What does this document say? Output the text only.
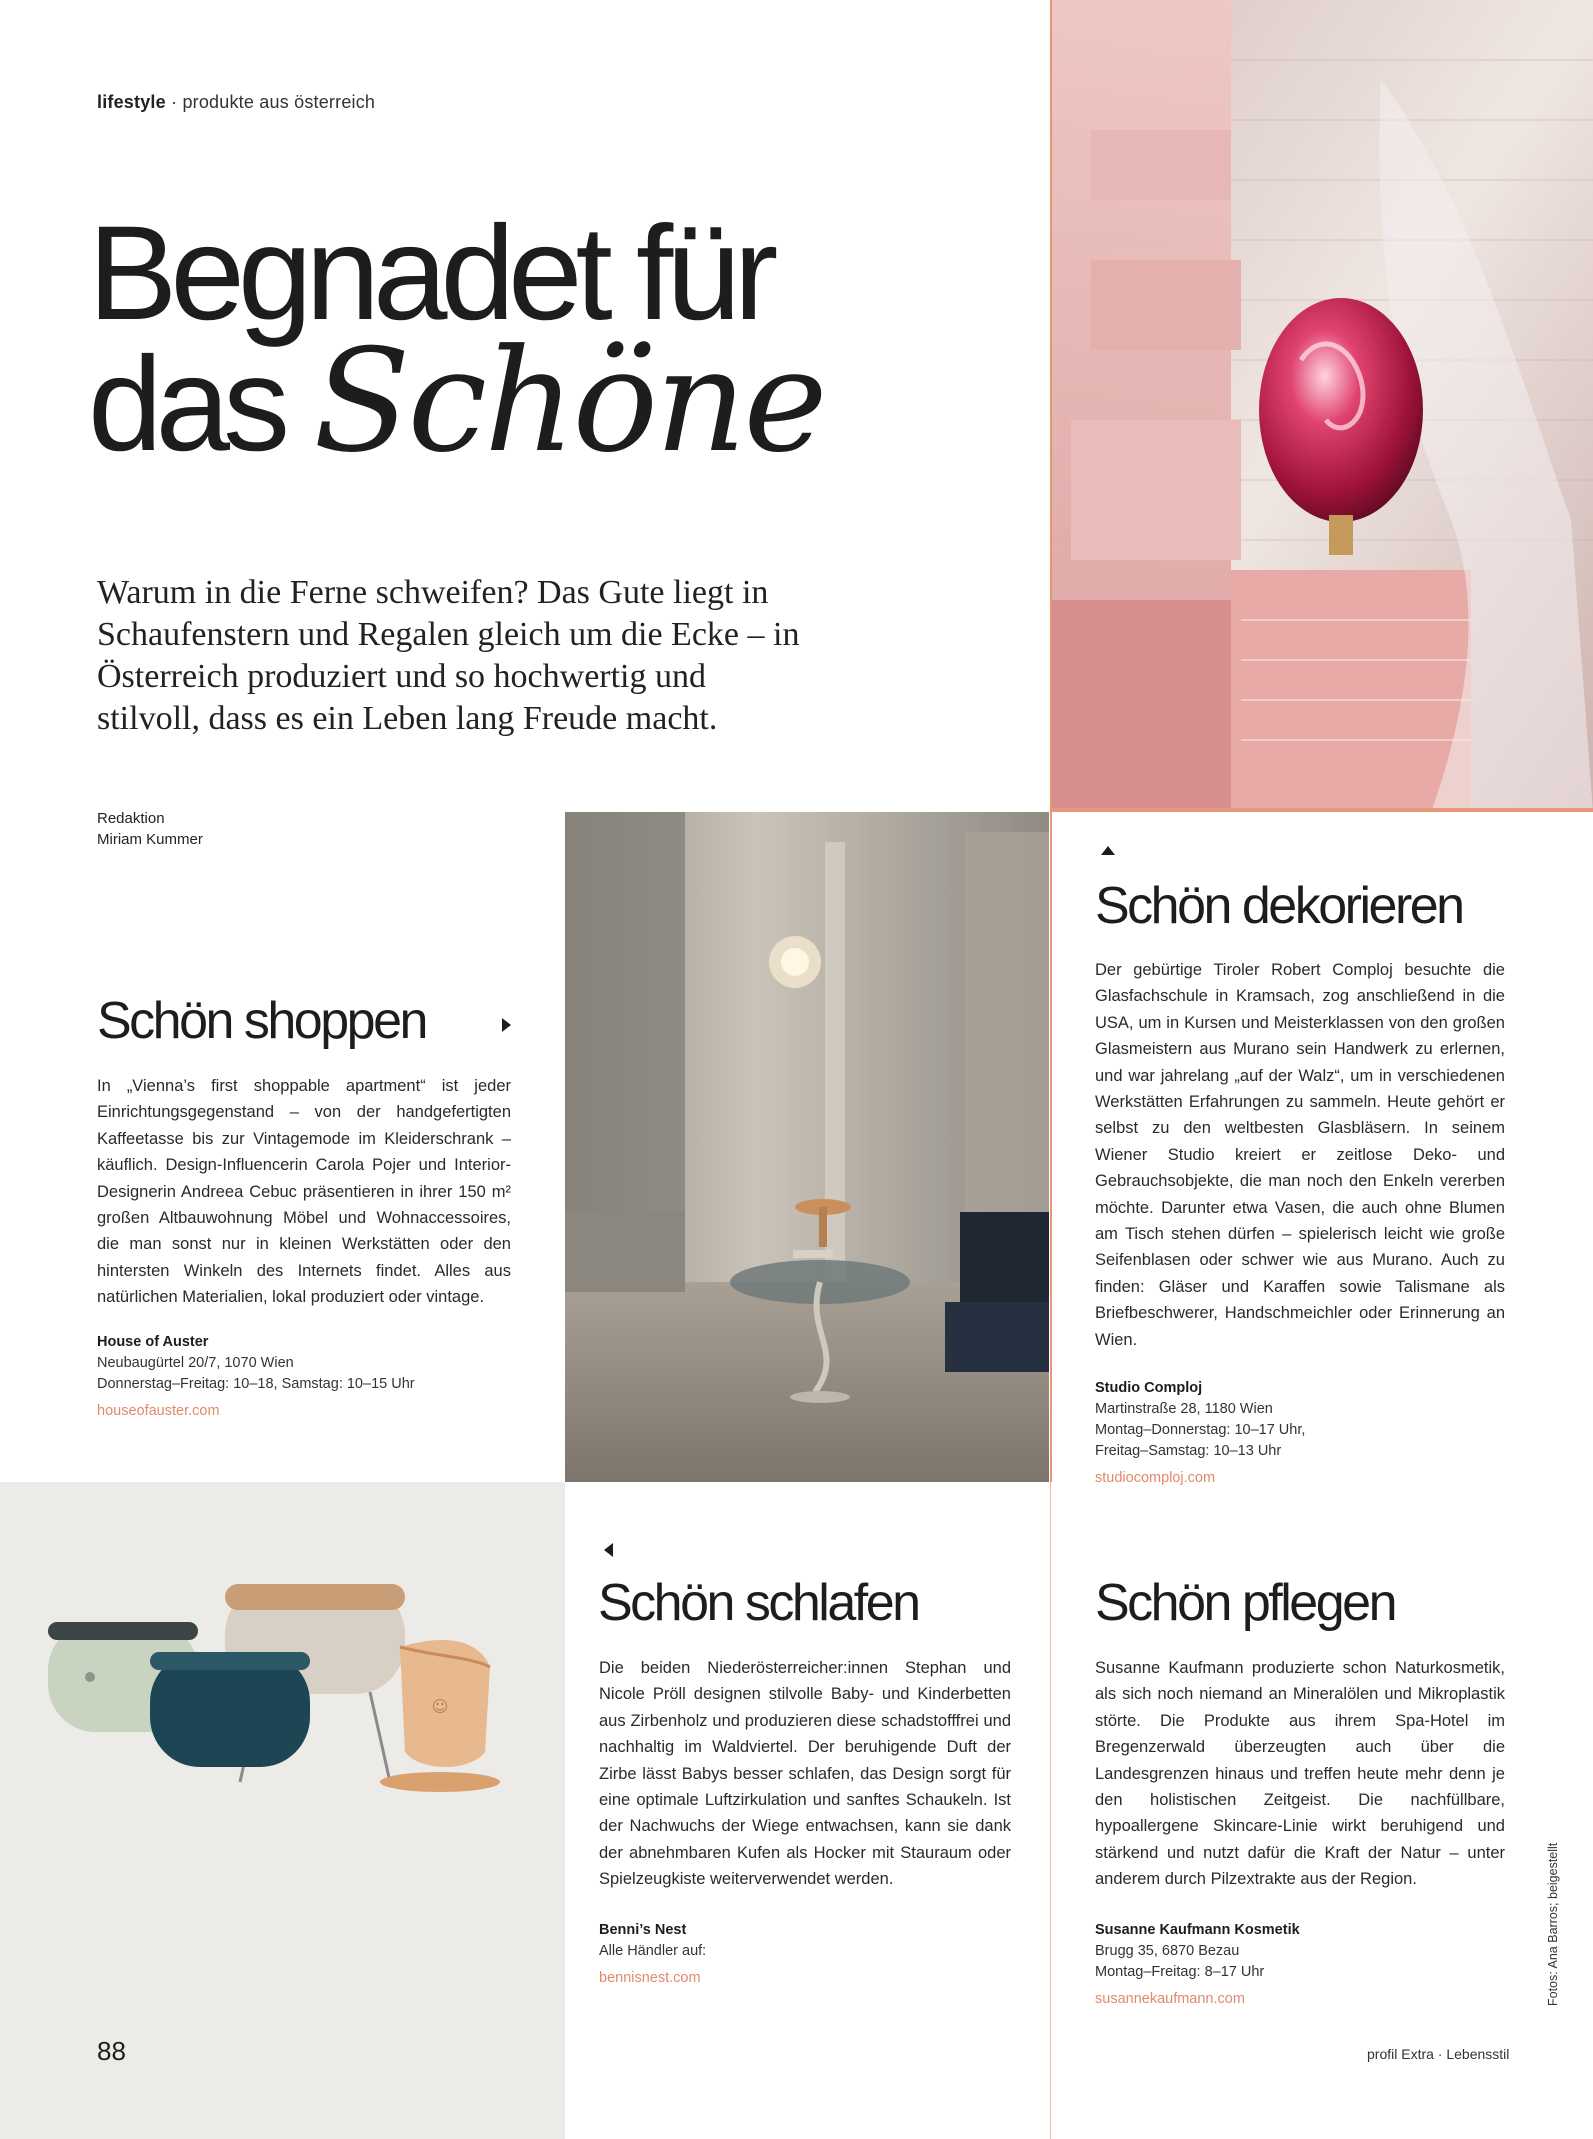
lifestyle · produkte aus österreich
Begnadet für
das Schöne
Warum in die Ferne schweifen? Das Gute liegt in Schaufenstern und Regalen gleich um die Ecke – in Österreich produziert und so hochwertig und stilvoll, dass es ein Leben lang Freude macht.
Redaktion
Miriam Kummer
☺
Schön shoppen
In „Vienna’s first shoppable apartment“ ist jeder Einrichtungsgegenstand – von der handgefertigten Kaffeetasse bis zur Vintagemode im Kleiderschrank – käuflich. Design-Influencerin Carola Pojer und Interior-Designerin Andreea Cebuc präsentieren in ihrer 150 m² großen Altbauwohnung Möbel und Wohnaccessoires, die man sonst nur in kleinen Werkstätten oder den hintersten Winkeln des Internets findet. Alles aus natürlichen Materialien, lokal produziert oder vintage.
House of Auster
Neubaugürtel 20/7, 1070 Wien
Donnerstag–Freitag: 10–18, Samstag: 10–15 Uhr
houseofauster.com
Schön dekorieren
Der gebürtige Tiroler Robert Comploj besuchte die Glasfachschule in Kramsach, zog anschließend in die USA, um in Kursen und Meisterklassen von den großen Glasmeistern aus Murano sein Handwerk zu erlernen, und war jahrelang „auf der Walz“, um in verschiedenen Werkstätten Erfahrungen zu sammeln. Heute gehört er selbst zu den weltbesten Glasbläsern. In seinem Wiener Studio kreiert er zeitlose Deko- und Gebrauchsobjekte, die man noch den Enkeln vererben möchte. Darunter etwa Vasen, die auch ohne Blumen am Tisch stehen dürfen – spielerisch leicht wie große Seifenblasen oder schwer wie aus Murano. Auch zu finden: Gläser und Karaffen sowie Talismane als Briefbeschwerer, Handschmeichler oder Erinnerung an Wien.
Studio Comploj
Martinstraße 28, 1180 Wien
Montag–Donnerstag: 10–17 Uhr,
Freitag–Samstag: 10–13 Uhr
studiocomploj.com
Schön schlafen
Die beiden Niederösterreicher:innen Stephan und Nicole Pröll designen stilvolle Baby- und Kinderbetten aus Zirbenholz und produzieren diese schadstofffrei und nachhaltig im Waldviertel. Der beruhigende Duft der Zirbe lässt Babys besser schlafen, das Design sorgt für eine optimale Luftzirkulation und sanftes Schaukeln. Ist der Nachwuchs der Wiege entwachsen, kann sie dank der abnehmbaren Kufen als Hocker mit Stauraum oder Spielzeugkiste weiterverwendet werden.
Benni’s Nest
Alle Händler auf:
bennisnest.com
Schön pflegen
Susanne Kaufmann produzierte schon Naturkosmetik, als sich noch niemand an Mineralölen und Mikroplastik störte. Die Produkte aus ihrem Spa-Hotel im Bregenzerwald überzeugten auch über die Landesgrenzen hinaus und treffen heute mehr denn je den holistischen Zeitgeist. Die nachfüllbare, hypoallergene Skincare-Linie wirkt beruhigend und stärkend und nutzt dafür die Kraft der Natur – unter anderem durch Pilzextrakte aus der Region.
Susanne Kaufmann Kosmetik
Brugg 35, 6870 Bezau
Montag–Freitag: 8–17 Uhr
susannekaufmann.com
88	profil Extra · Lebensstil
Fotos: Ana Barros; beigestellt
